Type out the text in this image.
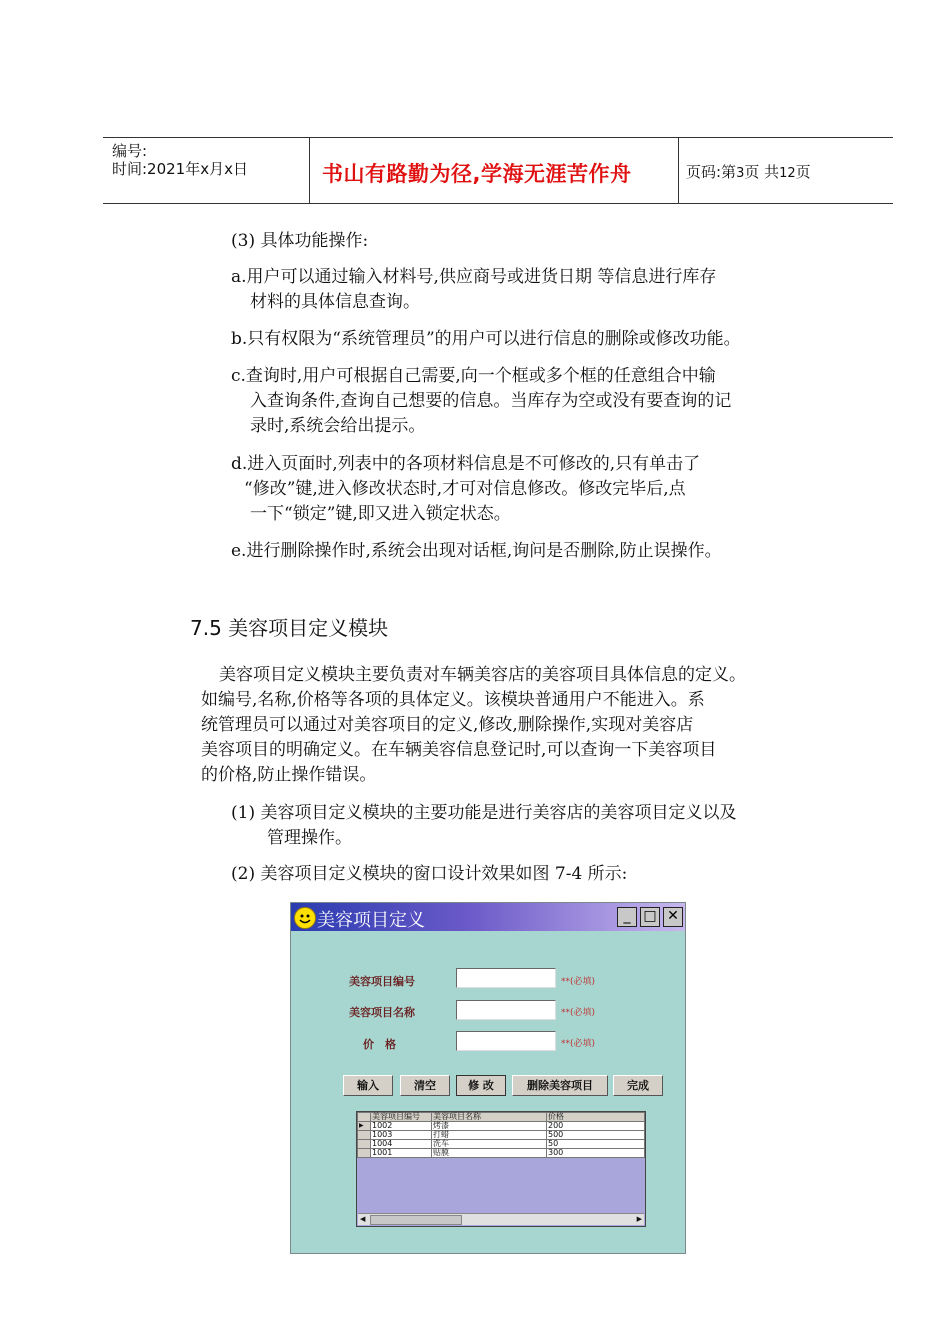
编号:
时间:2021年x月x日	书山有路勤为径,学海无涯苦作舟	页码:第3页 共12页
(3) 具体功能操作:
a.用户可以通过输入材料号,供应商号或进货日期 等信息进行库存
材料的具体信息查询。
b.只有权限为“系统管理员”的用户可以进行信息的删除或修改功能。
c.查询时,用户可根据自己需要,向一个框或多个框的任意组合中输
入查询条件,查询自己想要的信息。当库存为空或没有要查询的记
录时,系统会给出提示。
d.进入页面时,列表中的各项材料信息是不可修改的,只有单击了
“修改”键,进入修改状态时,才可对信息修改。修改完毕后,点
一下“锁定”键,即又进入锁定状态。
e.进行删除操作时,系统会出现对话框,询问是否删除,防止误操作。
7.5 美容项目定义模块
美容项目定义模块主要负责对车辆美容店的美容项目具体信息的定义。
如编号,名称,价格等各项的具体定义。该模块普通用户不能进入。系
统管理员可以通过对美容项目的定义,修改,删除操作,实现对美容店
美容项目的明确定义。在车辆美容信息登记时,可以查询一下美容项目
的价格,防止操作错误。
(1) 美容项目定义模块的主要功能是进行美容店的美容项目定义以及
管理操作。
(2) 美容项目定义模块的窗口设计效果如图 7-4 所示:
美容项目定义	_ □ ✕
美容项目编号	**(必填)
美容项目名称	**(必填)
价　格	**(必填)
输入	清空	修 改	删除美容项目	完成
	美容项目编号	美容项目名称	价格
▶	1002	烤漆	200
	1003	打蜡	500
	1004	洗车	50
	1001	贴膜	300
◀	▶
